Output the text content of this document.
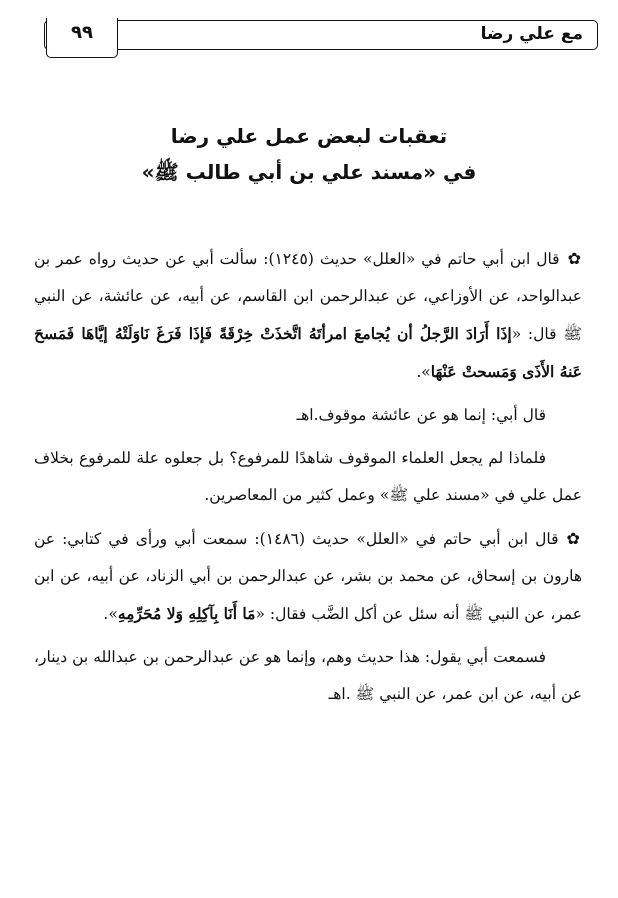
مع علي رضا
٩٩
تعقبات لبعض عمل علي رضا
في «مسند علي بن أبي طالب ﷺ»

✿قال ابن أبي حاتم في «العلل» حديث (١٢٤٥): سألت أبي عن حديث رواه عمر بن عبدالواحد، عن الأوزاعي، عن عبدالرحمن ابن القاسم، عن أبيه، عن عائشة، عن النبي ﷺ قال: «إذَا أَرَادَ الرَّجلُ أن يُجامعَ امرأتَهُ اتَّخذَتْ خِرْقَةً فَإذَا فَرَغَ نَاوَلَتْهُ إيَّاهَا فَمَسحَ عَنهُ الأَذَى وَمَسحتْ عَنْهَا».

قال أبي: إنما هو عن عائشة موقوف.اهـ

فلماذا لم يجعل العلماء الموقوف شاهدًا للمرفوع؟ بل جعلوه علة للمرفوع بخلاف عمل علي في «مسند علي ﷺ» وعمل كثير من المعاصرين.

✿قال ابن أبي حاتم في «العلل» حديث (١٤٨٦): سمعت أبي ورأى في كتابي: عن هارون بن إسحاق، عن محمد بن بشر، عن عبدالرحمن بن أبي الزناد، عن أبيه، عن ابن عمر، عن النبي ﷺ أنه سئل عن أكل الضَّب فقال: «مَا أَنَا بِآكِلِهِ وَلا مُحَرِّمِهِ».

فسمعت أبي يقول: هذا حديث وهم، وإنما هو عن عبدالرحمن بن عبدالله بن دينار، عن أبيه، عن ابن عمر، عن النبي ﷺ .اهـ
